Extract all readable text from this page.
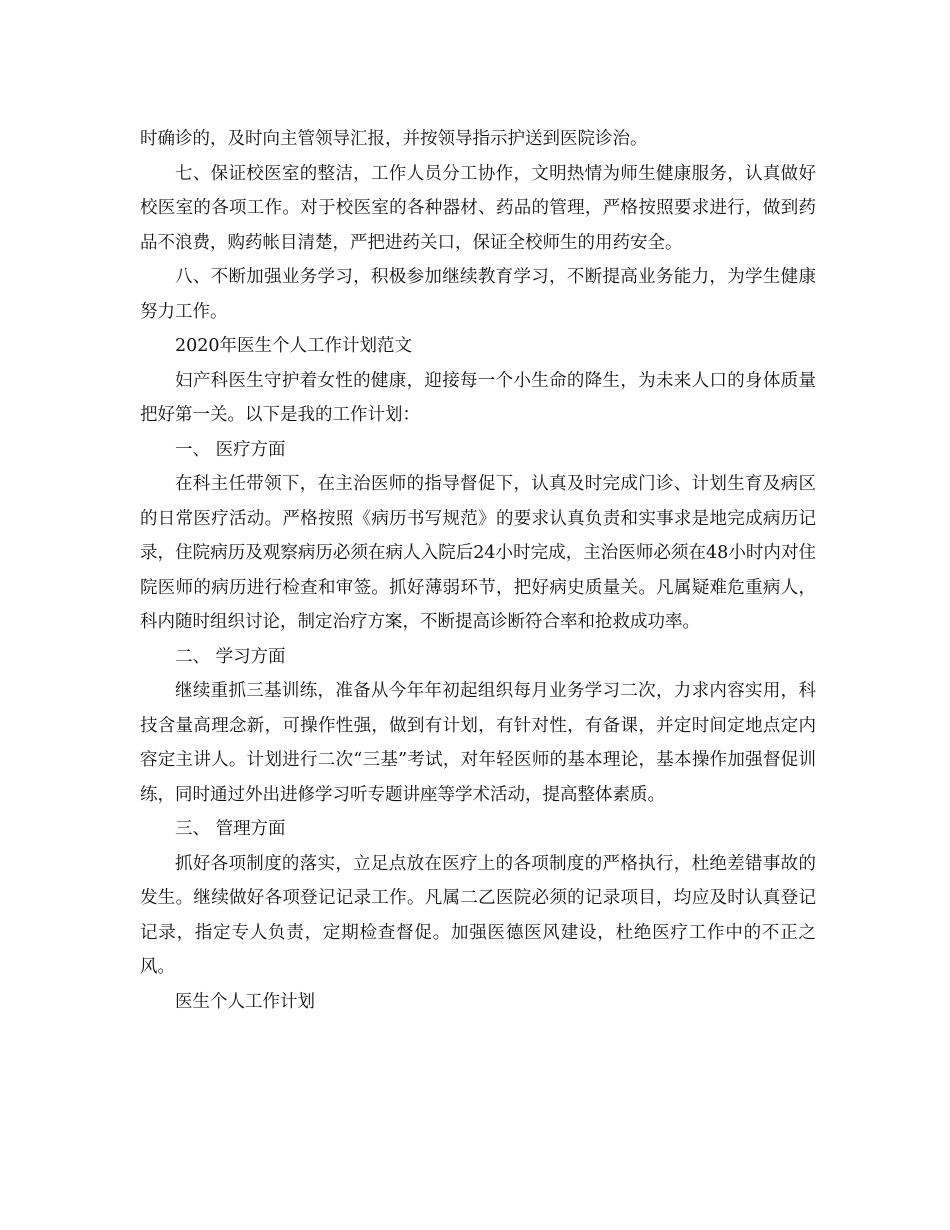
时确诊的，及时向主管领导汇报，并按领导指示护送到医院诊治。

七、保证校医室的整洁，工作人员分工协作，文明热情为师生健康服务，认真做好校医室的各项工作。对于校医室的各种器材、药品的管理，严格按照要求进行，做到药品不浪费，购药帐目清楚，严把进药关口，保证全校师生的用药安全。

八、不断加强业务学习，积极参加继续教育学习，不断提高业务能力，为学生健康努力工作。

2020年医生个人工作计划范文

妇产科医生守护着女性的健康，迎接每一个小生命的降生，为未来人口的身体质量把好第一关。以下是我的工作计划：

一、 医疗方面

在科主任带领下，在主治医师的指导督促下，认真及时完成门诊、计划生育及病区的日常医疗活动。严格按照《病历书写规范》的要求认真负责和实事求是地完成病历记录，住院病历及观察病历必须在病人入院后24小时完成，主治医师必须在48小时内对住院医师的病历进行检查和审签。抓好薄弱环节，把好病史质量关。凡属疑难危重病人，科内随时组织讨论，制定治疗方案，不断提高诊断符合率和抢救成功率。

二、 学习方面

继续重抓三基训练，准备从今年年初起组织每月业务学习二次，力求内容实用，科技含量高理念新，可操作性强，做到有计划，有针对性，有备课，并定时间定地点定内容定主讲人。计划进行二次“三基”考试，对年轻医师的基本理论，基本操作加强督促训练，同时通过外出进修学习听专题讲座等学术活动，提高整体素质。

三、 管理方面

抓好各项制度的落实，立足点放在医疗上的各项制度的严格执行，杜绝差错事故的发生。继续做好各项登记记录工作。凡属二乙医院必须的记录项目，均应及时认真登记记录，指定专人负责，定期检查督促。加强医德医风建设，杜绝医疗工作中的不正之风。

医生个人工作计划
